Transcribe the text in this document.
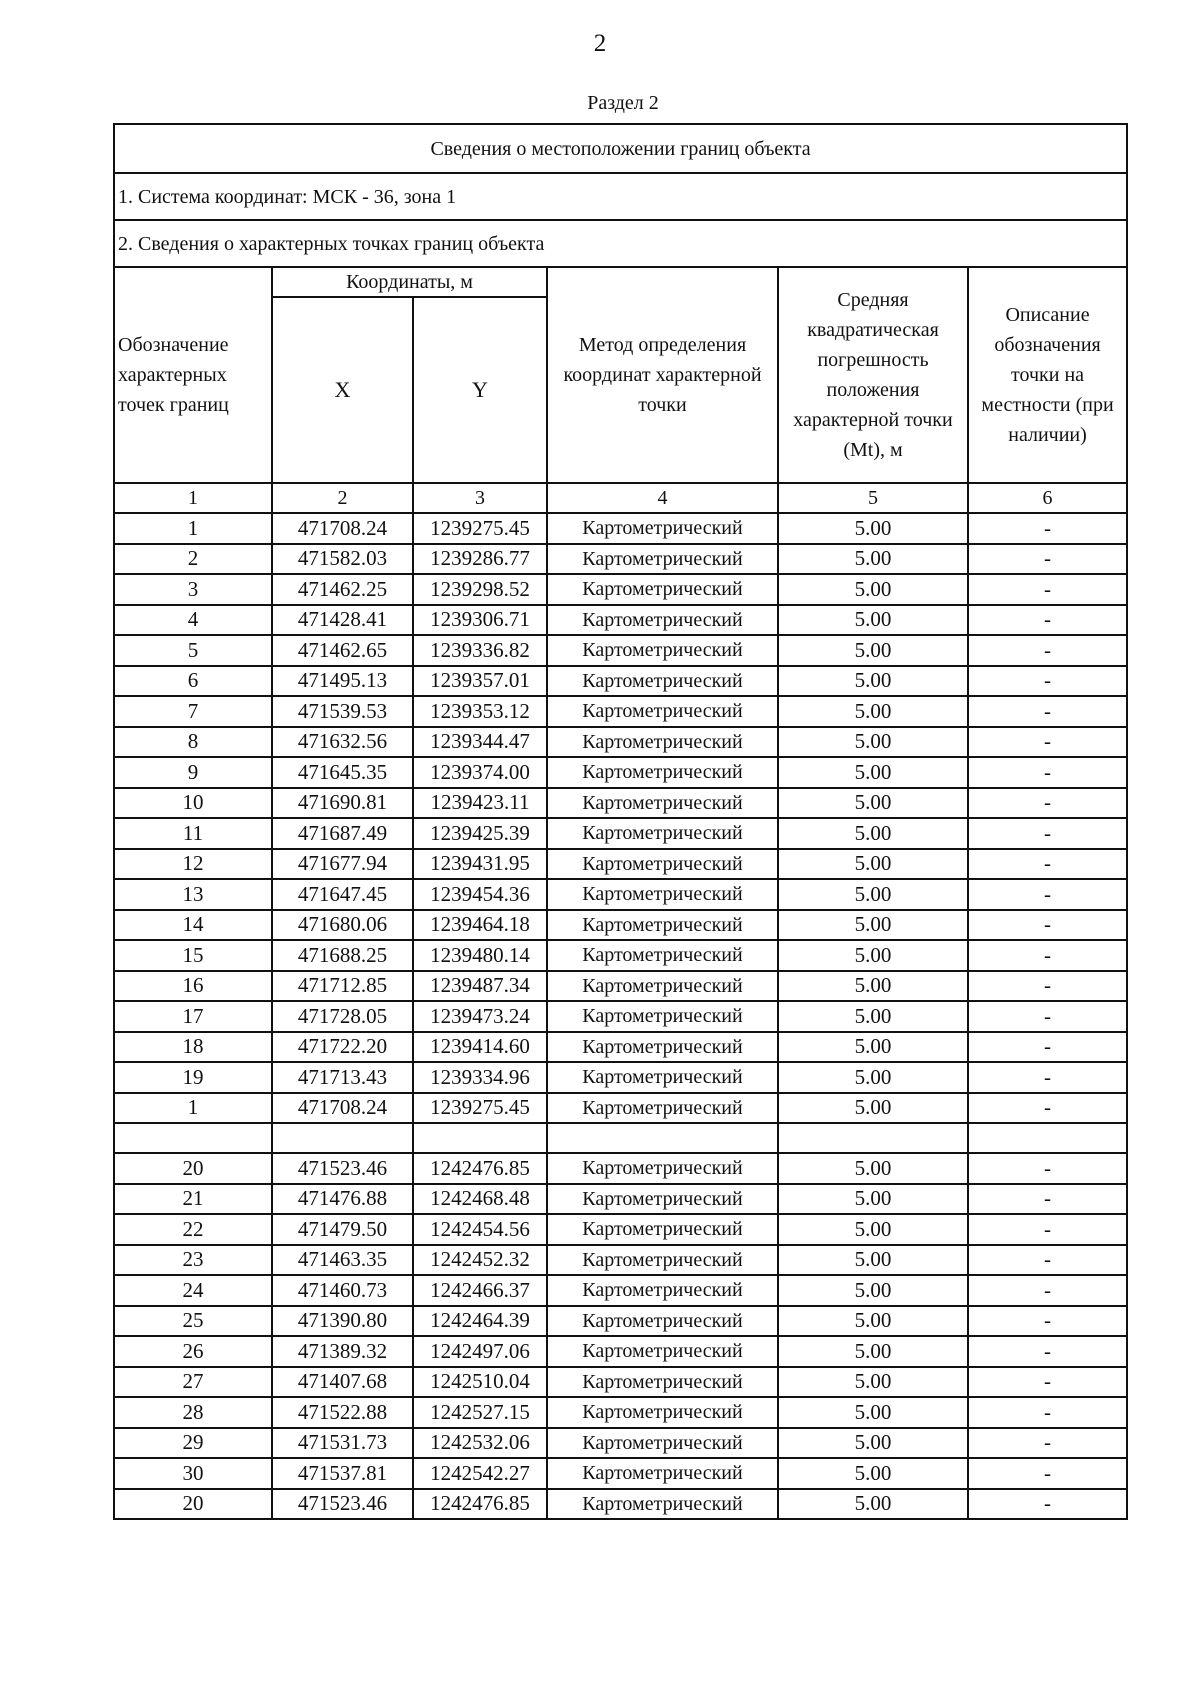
2
Раздел 2
Сведения о местоположении границ объекта					
1. Система координат: МСК - 36, зона 1					
2. Сведения о характерных точках границ объекта					
Обозначение характерных точек границ	Координаты, м		Метод определения координат характерной точки	Средняя квадратическая погрешность положения характерной точки (Mt), м	Описание обозначения точки на местности (при наличии)
	X	Y			
1	2	3	4	5	6
1	471708.24	1239275.45	Картометрический	5.00	-
2	471582.03	1239286.77	Картометрический	5.00	-
3	471462.25	1239298.52	Картометрический	5.00	-
4	471428.41	1239306.71	Картометрический	5.00	-
5	471462.65	1239336.82	Картометрический	5.00	-
6	471495.13	1239357.01	Картометрический	5.00	-
7	471539.53	1239353.12	Картометрический	5.00	-
8	471632.56	1239344.47	Картометрический	5.00	-
9	471645.35	1239374.00	Картометрический	5.00	-
10	471690.81	1239423.11	Картометрический	5.00	-
11	471687.49	1239425.39	Картометрический	5.00	-
12	471677.94	1239431.95	Картометрический	5.00	-
13	471647.45	1239454.36	Картометрический	5.00	-
14	471680.06	1239464.18	Картометрический	5.00	-
15	471688.25	1239480.14	Картометрический	5.00	-
16	471712.85	1239487.34	Картометрический	5.00	-
17	471728.05	1239473.24	Картометрический	5.00	-
18	471722.20	1239414.60	Картометрический	5.00	-
19	471713.43	1239334.96	Картометрический	5.00	-
1	471708.24	1239275.45	Картометрический	5.00	-

20	471523.46	1242476.85	Картометрический	5.00	-
21	471476.88	1242468.48	Картометрический	5.00	-
22	471479.50	1242454.56	Картометрический	5.00	-
23	471463.35	1242452.32	Картометрический	5.00	-
24	471460.73	1242466.37	Картометрический	5.00	-
25	471390.80	1242464.39	Картометрический	5.00	-
26	471389.32	1242497.06	Картометрический	5.00	-
27	471407.68	1242510.04	Картометрический	5.00	-
28	471522.88	1242527.15	Картометрический	5.00	-
29	471531.73	1242532.06	Картометрический	5.00	-
30	471537.81	1242542.27	Картометрический	5.00	-
20	471523.46	1242476.85	Картометрический	5.00	-
